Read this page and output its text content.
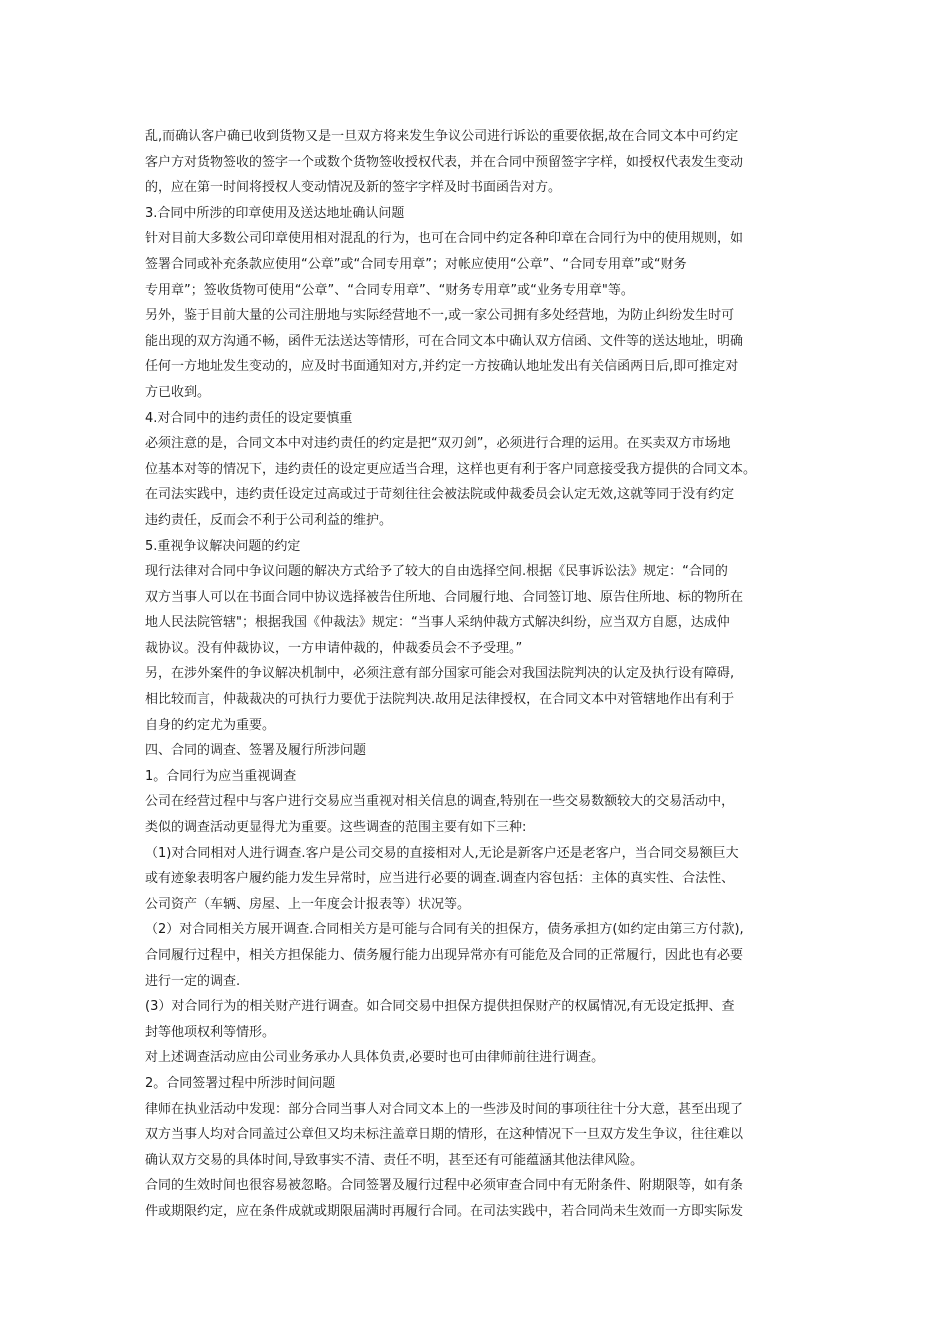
乱,而确认客户确已收到货物又是一旦双方将来发生争议公司进行诉讼的重要依据,故在合同文本中可约定
客户方对货物签收的签字一个或数个货物签收授权代表，并在合同中预留签字字样，如授权代表发生变动
的，应在第一时间将授权人变动情况及新的签字字样及时书面函告对方。
3.合同中所涉的印章使用及送达地址确认问题
针对目前大多数公司印章使用相对混乱的行为，也可在合同中约定各种印章在合同行为中的使用规则，如
签署合同或补充条款应使用“公章”或“合同专用章”；对帐应使用“公章”、“合同专用章”或“财务
专用章”；签收货物可使用“公章”、“合同专用章”、“财务专用章”或“业务专用章"等。
另外，鉴于目前大量的公司注册地与实际经营地不一,或一家公司拥有多处经营地，为防止纠纷发生时可
能出现的双方沟通不畅，函件无法送达等情形，可在合同文本中确认双方信函、文件等的送达地址，明确
任何一方地址发生变动的，应及时书面通知对方,并约定一方按确认地址发出有关信函两日后,即可推定对
方已收到。
4.对合同中的违约责任的设定要慎重
必须注意的是，合同文本中对违约责任的约定是把“双刃剑”，必须进行合理的运用。在买卖双方市场地
位基本对等的情况下，违约责任的设定更应适当合理，这样也更有利于客户同意接受我方提供的合同文本。
在司法实践中，违约责任设定过高或过于苛刻往往会被法院或仲裁委员会认定无效,这就等同于没有约定
违约责任，反而会不利于公司利益的维护。
5.重视争议解决问题的约定
现行法律对合同中争议问题的解决方式给予了较大的自由选择空间.根据《民事诉讼法》规定：“合同的
双方当事人可以在书面合同中协议选择被告住所地、合同履行地、合同签订地、原告住所地、标的物所在
地人民法院管辖"；根据我国《仲裁法》规定：“当事人采纳仲裁方式解决纠纷，应当双方自愿，达成仲
裁协议。没有仲裁协议，一方申请仲裁的，仲裁委员会不予受理。”
另，在涉外案件的争议解决机制中，必须注意有部分国家可能会对我国法院判决的认定及执行设有障碍,
相比较而言，仲裁裁决的可执行力要优于法院判决.故用足法律授权，在合同文本中对管辖地作出有利于
自身的约定尤为重要。
四、合同的调查、签署及履行所涉问题
1。合同行为应当重视调查
公司在经营过程中与客户进行交易应当重视对相关信息的调查,特别在一些交易数额较大的交易活动中，
类似的调查活动更显得尤为重要。这些调查的范围主要有如下三种:
（1)对合同相对人进行调查.客户是公司交易的直接相对人,无论是新客户还是老客户，当合同交易额巨大
或有迹象表明客户履约能力发生异常时，应当进行必要的调查.调查内容包括：主体的真实性、合法性、
公司资产（车辆、房屋、上一年度会计报表等）状况等。
（2）对合同相关方展开调查.合同相关方是可能与合同有关的担保方，债务承担方(如约定由第三方付款),
合同履行过程中，相关方担保能力、债务履行能力出现异常亦有可能危及合同的正常履行，因此也有必要
进行一定的调查.
(3）对合同行为的相关财产进行调查。如合同交易中担保方提供担保财产的权属情况,有无设定抵押、查
封等他项权利等情形。
对上述调查活动应由公司业务承办人具体负责,必要时也可由律师前往进行调查。
2。合同签署过程中所涉时间问题
律师在执业活动中发现：部分合同当事人对合同文本上的一些涉及时间的事项往往十分大意，甚至出现了
双方当事人均对合同盖过公章但又均未标注盖章日期的情形，在这种情况下一旦双方发生争议，往往难以
确认双方交易的具体时间,导致事实不清、责任不明，甚至还有可能蕴涵其他法律风险。
合同的生效时间也很容易被忽略。合同签署及履行过程中必须审查合同中有无附条件、附期限等，如有条
件或期限约定，应在条件成就或期限届满时再履行合同。在司法实践中，若合同尚未生效而一方即实际发
